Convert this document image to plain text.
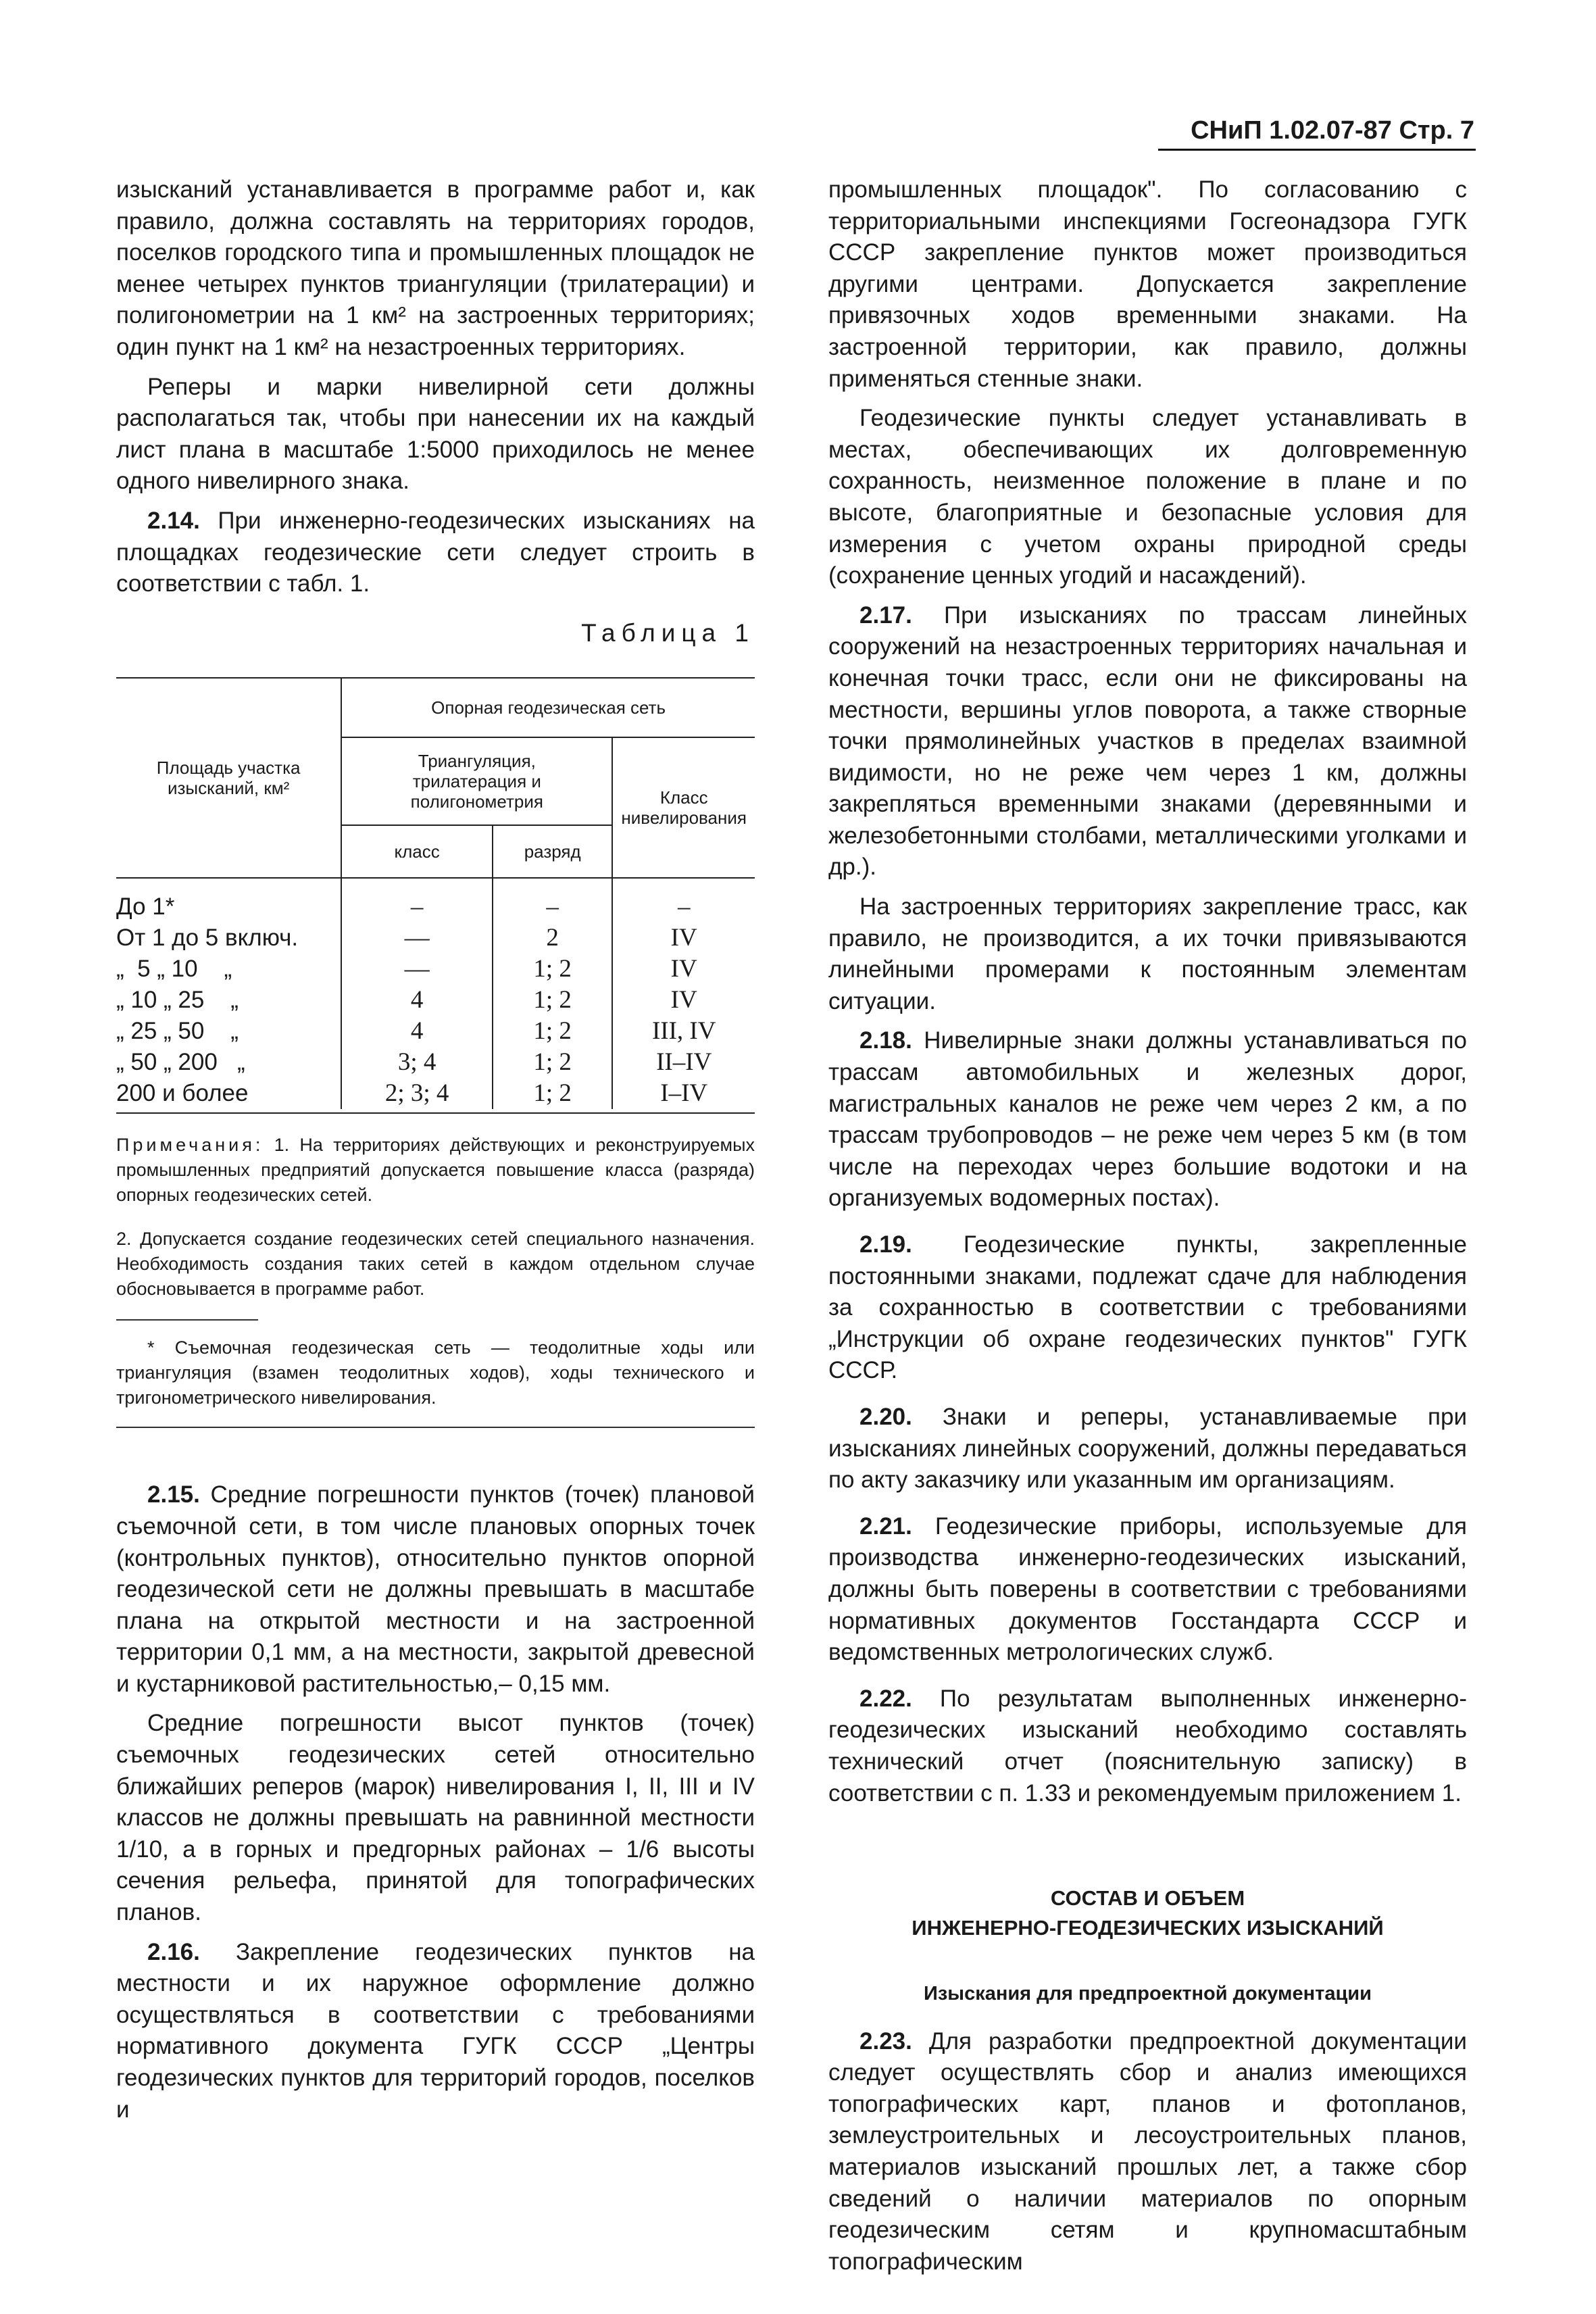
СНиП 1.02.07-87 Стр. 7

изысканий устанавливается в программе работ и, как правило, должна составлять на территориях городов, поселков городского типа и промышленных площадок не менее четырех пунктов триангуляции (трилатерации) и полигонометрии на 1 км² на застроенных территориях; один пункт на 1 км² на незастроенных территориях.

Реперы и марки нивелирной сети должны располагаться так, чтобы при нанесении их на каждый лист плана в масштабе 1:5000 приходилось не менее одного нивелирного знака.

2.14. При инженерно-геодезических изысканиях на площадках геодезические сети следует строить в соответствии с табл. 1.

Таблица 1

Площадь участка изысканий, км²	Опорная геодезическая сеть		
	Триангуляция, трилатерация и полигонометрия		Класс нивелирования
	класс	разряд	

До 1*	–	–	–
От 1 до 5 включ.	—	2	IV
„  5 „ 10    „	—	1; 2	IV
„ 10 „ 25    „	4	1; 2	IV
„ 25 „ 50    „	4	1; 2	III, IV
„ 50 „ 200   „	3; 4	1; 2	II–IV
200 и более	2; 3; 4	1; 2	I–IV

Примечания: 1. На территориях действующих и реконструируемых промышленных предприятий допускается повышение класса (разряда) опорных геодезических сетей.

2. Допускается создание геодезических сетей специального назначения. Необходимость создания таких сетей в каждом отдельном случае обосновывается в программе работ.

* Съемочная геодезическая сеть — теодолитные ходы или триангуляция (взамен теодолитных ходов), ходы технического и тригонометрического нивелирования.

2.15. Средние погрешности пунктов (точек) плановой съемочной сети, в том числе плановых опорных точек (контрольных пунктов), относительно пунктов опорной геодезической сети не должны превышать в масштабе плана на открытой местности и на застроенной территории 0,1 мм, а на местности, закрытой древесной и кустарниковой растительностью,– 0,15 мм.

Средние погрешности высот пунктов (точек) съемочных геодезических сетей относительно ближайших реперов (марок) нивелирования I, II, III и IV классов не должны превышать на равнинной местности 1/10, а в горных и предгорных районах – 1/6 высоты сечения рельефа, принятой для топографических планов.

2.16. Закрепление геодезических пунктов на местности и их наружное оформление должно осуществляться в соответствии с требованиями нормативного документа ГУГК СССР „Центры геодезических пунктов для территорий городов, поселков и

промышленных площадок". По согласованию с территориальными инспекциями Госгеонадзора ГУГК СССР закрепление пунктов может производиться другими центрами. Допускается закрепление привязочных ходов временными знаками. На застроенной территории, как правило, должны применяться стенные знаки.

Геодезические пункты следует устанавливать в местах, обеспечивающих их долговременную сохранность, неизменное положение в плане и по высоте, благоприятные и безопасные условия для измерения с учетом охраны природной среды (сохранение ценных угодий и насаждений).

2.17. При изысканиях по трассам линейных сооружений на незастроенных территориях начальная и конечная точки трасс, если они не фиксированы на местности, вершины углов поворота, а также створные точки прямолинейных участков в пределах взаимной видимости, но не реже чем через 1 км, должны закрепляться временными знаками (деревянными и железобетонными столбами, металлическими уголками и др.).

На застроенных территориях закрепление трасс, как правило, не производится, а их точки привязываются линейными промерами к постоянным элементам ситуации.

2.18. Нивелирные знаки должны устанавливаться по трассам автомобильных и железных дорог, магистральных каналов не реже чем через 2 км, а по трассам трубопроводов – не реже чем через 5 км (в том числе на переходах через большие водотоки и на организуемых водомерных постах).

2.19. Геодезические пункты, закрепленные постоянными знаками, подлежат сдаче для наблюдения за сохранностью в соответствии с требованиями „Инструкции об охране геодезических пунктов" ГУГК СССР.

2.20. Знаки и реперы, устанавливаемые при изысканиях линейных сооружений, должны передаваться по акту заказчику или указанным им организациям.

2.21. Геодезические приборы, используемые для производства инженерно-геодезических изысканий, должны быть поверены в соответствии с требованиями нормативных документов Госстандарта СССР и ведомственных метрологических служб.

2.22. По результатам выполненных инженерно-геодезических изысканий необходимо составлять технический отчет (пояснительную записку) в соответствии с п. 1.33 и рекомендуемым приложением 1.

СОСТАВ И ОБЪЕМ
ИНЖЕНЕРНО-ГЕОДЕЗИЧЕСКИХ ИЗЫСКАНИЙ

Изыскания для предпроектной документации

2.23. Для разработки предпроектной документации следует осуществлять сбор и анализ имеющихся топографических карт, планов и фотопланов, землеустроительных и лесоустроительных планов, материалов изысканий прошлых лет, а также сбор сведений о наличии материалов по опорным геодезическим сетям и крупномасштабным топографическим
